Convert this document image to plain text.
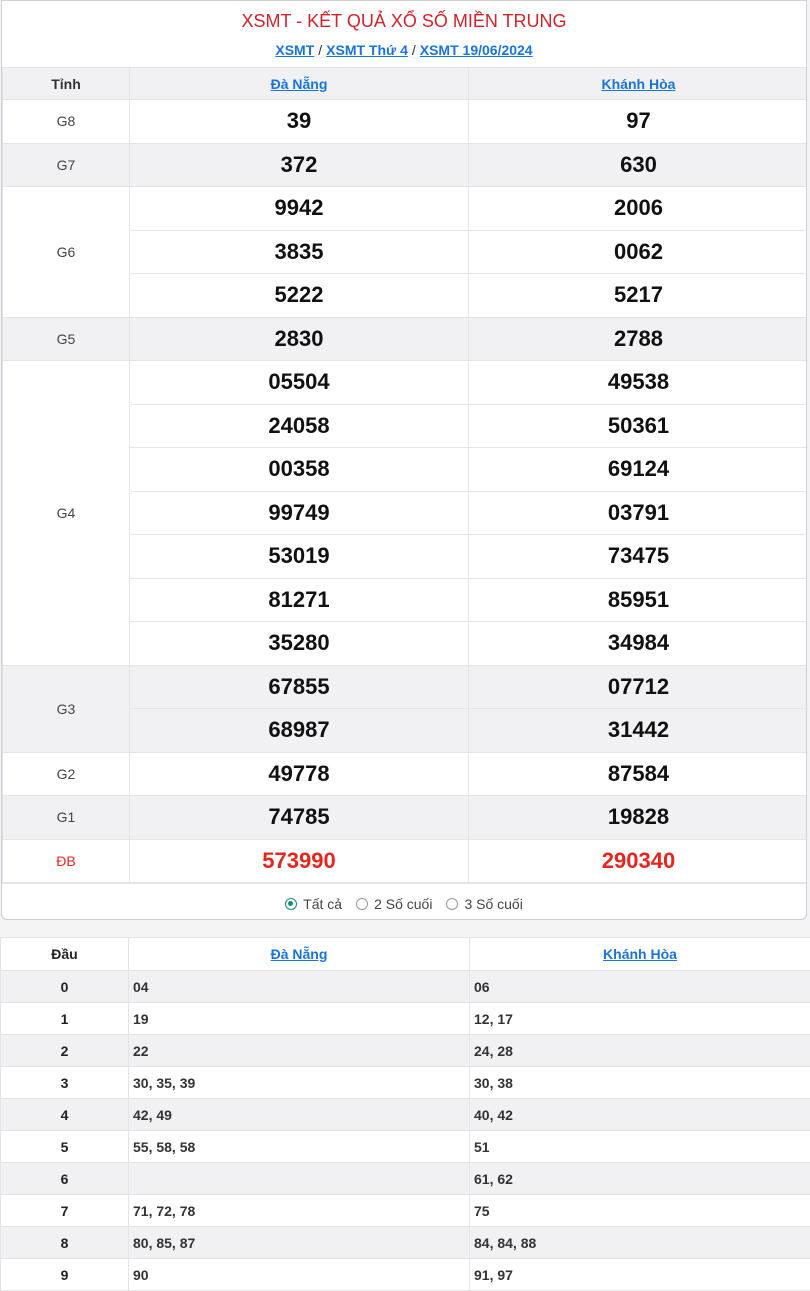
XSMT - KẾT QUẢ XỔ SỐ MIỀN TRUNG
XSMT / XSMT Thứ 4 / XSMT 19/06/2024
Tỉnh	Đà Nẵng	Khánh Hòa
G8	39	97
G7	372	630
G6	9942	2006
	3835	0062
	5222	5217
G5	2830	2788
G4	05504	49538
	24058	50361
	00358	69124
	99749	03791
	53019	73475
	81271	85951
	35280	34984
G3	67855	07712
	68987	31442
G2	49778	87584
G1	74785	19828
ĐB	573990	290340
Tất cả 2 Số cuối 3 Số cuối
Đầu	Đà Nẵng	Khánh Hòa
0	04	06
1	19	12, 17
2	22	24, 28
3	30, 35, 39	30, 38
4	42, 49	40, 42
5	55, 58, 58	51
6		61, 62
7	71, 72, 78	75
8	80, 85, 87	84, 84, 88
9	90	91, 97
